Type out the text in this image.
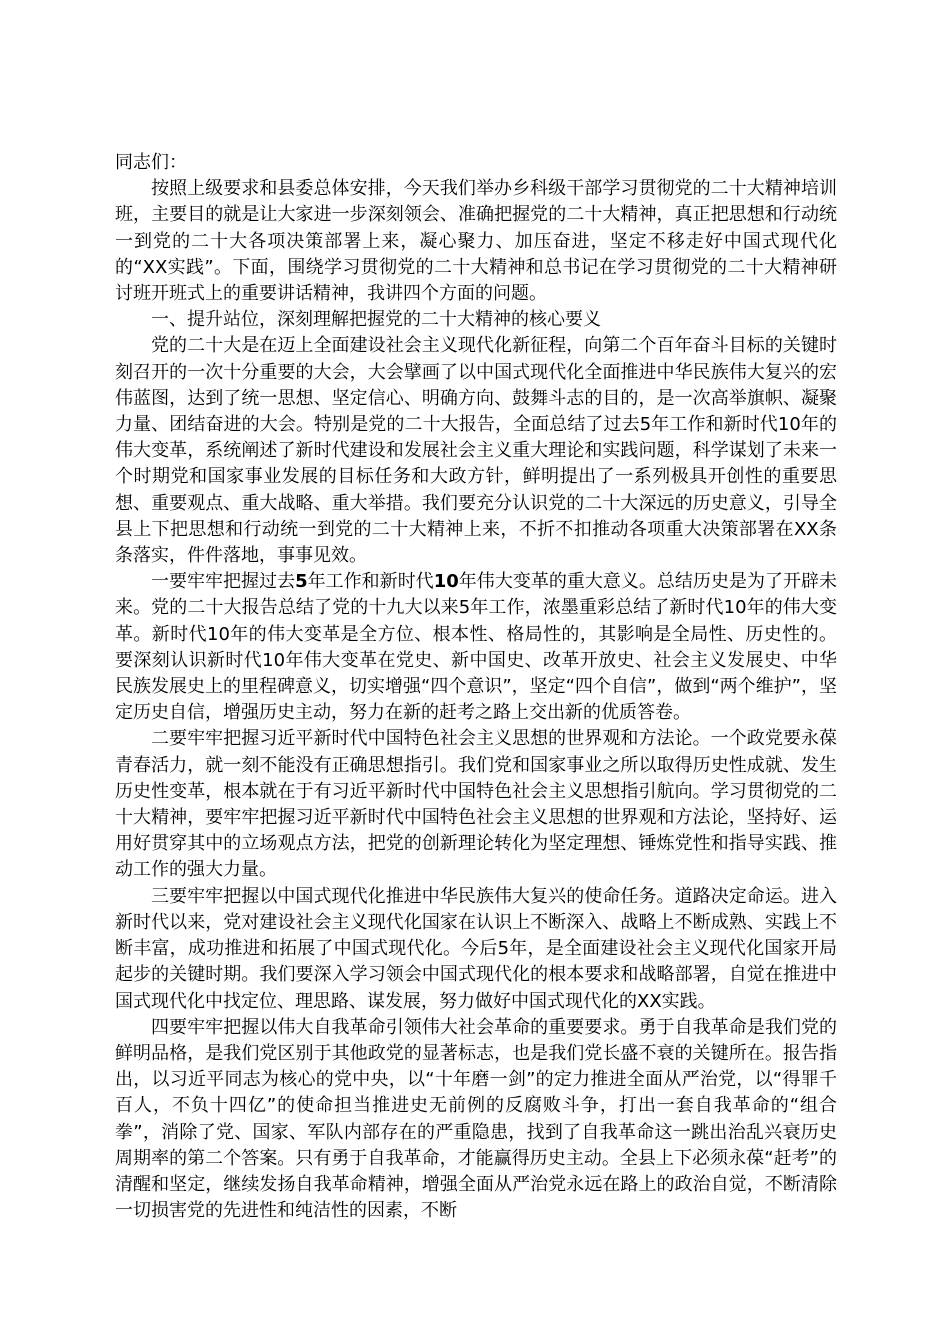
同志们：

按照上级要求和县委总体安排，今天我们举办乡科级干部学习贯彻党的二十大精神培训班，主要目的就是让大家进一步深刻领会、准确把握党的二十大精神，真正把思想和行动统一到党的二十大各项决策部署上来，凝心聚力、加压奋进，坚定不移走好中国式现代化的“XX实践”。下面，围绕学习贯彻党的二十大精神和总书记在学习贯彻党的二十大精神研讨班开班式上的重要讲话精神，我讲四个方面的问题。

一、提升站位，深刻理解把握党的二十大精神的核心要义

党的二十大是在迈上全面建设社会主义现代化新征程，向第二个百年奋斗目标的关键时刻召开的一次十分重要的大会，大会擘画了以中国式现代化全面推进中华民族伟大复兴的宏伟蓝图，达到了统一思想、坚定信心、明确方向、鼓舞斗志的目的，是一次高举旗帜、凝聚力量、团结奋进的大会。特别是党的二十大报告，全面总结了过去5年工作和新时代10年的伟大变革，系统阐述了新时代建设和发展社会主义重大理论和实践问题，科学谋划了未来一个时期党和国家事业发展的目标任务和大政方针，鲜明提出了一系列极具开创性的重要思想、重要观点、重大战略、重大举措。我们要充分认识党的二十大深远的历史意义，引导全县上下把思想和行动统一到党的二十大精神上来，不折不扣推动各项重大决策部署在XX条条落实，件件落地，事事见效。

一要牢牢把握过去5年工作和新时代10年伟大变革的重大意义。总结历史是为了开辟未来。党的二十大报告总结了党的十九大以来5年工作，浓墨重彩总结了新时代10年的伟大变革。新时代10年的伟大变革是全方位、根本性、格局性的，其影响是全局性、历史性的。要深刻认识新时代10年伟大变革在党史、新中国史、改革开放史、社会主义发展史、中华民族发展史上的里程碑意义，切实增强“四个意识”，坚定“四个自信”，做到“两个维护”，坚定历史自信，增强历史主动，努力在新的赶考之路上交出新的优质答卷。

二要牢牢把握习近平新时代中国特色社会主义思想的世界观和方法论。一个政党要永葆青春活力，就一刻不能没有正确思想指引。我们党和国家事业之所以取得历史性成就、发生历史性变革，根本就在于有习近平新时代中国特色社会主义思想指引航向。学习贯彻党的二十大精神，要牢牢把握习近平新时代中国特色社会主义思想的世界观和方法论，坚持好、运用好贯穿其中的立场观点方法，把党的创新理论转化为坚定理想、锤炼党性和指导实践、推动工作的强大力量。

三要牢牢把握以中国式现代化推进中华民族伟大复兴的使命任务。道路决定命运。进入新时代以来，党对建设社会主义现代化国家在认识上不断深入、战略上不断成熟、实践上不断丰富，成功推进和拓展了中国式现代化。今后5年，是全面建设社会主义现代化国家开局起步的关键时期。我们要深入学习领会中国式现代化的根本要求和战略部署，自觉在推进中国式现代化中找定位、理思路、谋发展，努力做好中国式现代化的XX实践。

四要牢牢把握以伟大自我革命引领伟大社会革命的重要要求。勇于自我革命是我们党的鲜明品格，是我们党区别于其他政党的显著标志，也是我们党长盛不衰的关键所在。报告指出，以习近平同志为核心的党中央，以“十年磨一剑”的定力推进全面从严治党，以“得罪千百人，不负十四亿”的使命担当推进史无前例的反腐败斗争，打出一套自我革命的“组合拳”，消除了党、国家、军队内部存在的严重隐患，找到了自我革命这一跳出治乱兴衰历史周期率的第二个答案。只有勇于自我革命，才能赢得历史主动。全县上下必须永葆“赶考”的清醒和坚定，继续发扬自我革命精神，增强全面从严治党永远在路上的政治自觉，不断清除一切损害党的先进性和纯洁性的因素，不断
